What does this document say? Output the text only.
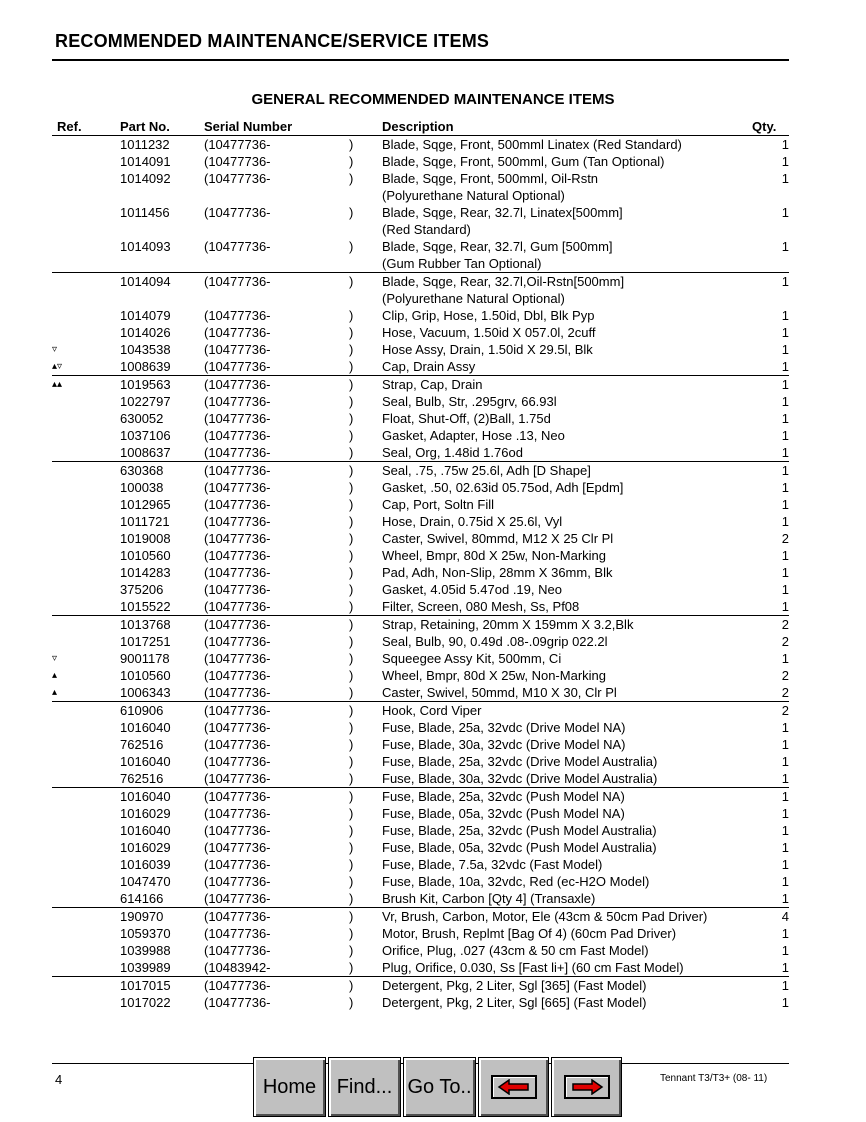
RECOMMENDED MAINTENANCE/SERVICE ITEMS
GENERAL RECOMMENDED MAINTENANCE ITEMS
Ref.	Part No.	Serial Number		Description	Qty.
	1011232	(10477736-	)	Blade, Sqge, Front, 500mml Linatex (Red Standard)	1
	1014091	(10477736-	)	Blade, Sqge, Front, 500mml, Gum (Tan Optional)	1
	1014092	(10477736-	)	Blade, Sqge, Front, 500mml, Oil-Rstn	1
				(Polyurethane Natural Optional)	
	1011456	(10477736-	)	Blade, Sqge, Rear, 32.7l, Linatex[500mm]	1
				(Red Standard)	
	1014093	(10477736-	)	Blade, Sqge, Rear, 32.7l, Gum [500mm]	1
				(Gum Rubber Tan Optional)	
	1014094	(10477736-	)	Blade, Sqge, Rear, 32.7l,Oil-Rstn[500mm]	1
				(Polyurethane Natural Optional)	
	1014079	(10477736-	)	Clip, Grip, Hose, 1.50id, Dbl, Blk Pyp	1
	1014026	(10477736-	)	Hose, Vacuum, 1.50id X 057.0l, 2cuff	1
▿	1043538	(10477736-	)	Hose Assy, Drain, 1.50id X 29.5l, Blk	1
▴▿	1008639	(10477736-	)	Cap, Drain Assy	1
▴▴	1019563	(10477736-	)	Strap, Cap, Drain	1
	1022797	(10477736-	)	Seal, Bulb, Str, .295grv, 66.93l	1
	630052	(10477736-	)	Float, Shut-Off, (2)Ball, 1.75d	1
	1037106	(10477736-	)	Gasket, Adapter, Hose .13, Neo	1
	1008637	(10477736-	)	Seal, Org, 1.48id 1.76od	1
	630368	(10477736-	)	Seal, .75, .75w 25.6l, Adh [D Shape]	1
	100038	(10477736-	)	Gasket, .50, 02.63id 05.75od, Adh [Epdm]	1
	1012965	(10477736-	)	Cap, Port, Soltn Fill	1
	1011721	(10477736-	)	Hose, Drain, 0.75id X 25.6l, Vyl	1
	1019008	(10477736-	)	Caster, Swivel, 80mmd, M12 X 25 Clr Pl	2
	1010560	(10477736-	)	Wheel, Bmpr, 80d X 25w, Non-Marking	1
	1014283	(10477736-	)	Pad, Adh, Non-Slip, 28mm X 36mm, Blk	1
	375206	(10477736-	)	Gasket, 4.05id 5.47od .19, Neo	1
	1015522	(10477736-	)	Filter, Screen, 080 Mesh, Ss, Pf08	1
	1013768	(10477736-	)	Strap, Retaining, 20mm X 159mm X 3.2,Blk	2
	1017251	(10477736-	)	Seal, Bulb, 90, 0.49d .08-.09grip 022.2l	2
▿	9001178	(10477736-	)	Squeegee Assy Kit, 500mm, Ci	1
▴	1010560	(10477736-	)	Wheel, Bmpr, 80d X 25w, Non-Marking	2
▴	1006343	(10477736-	)	Caster, Swivel, 50mmd, M10 X 30, Clr Pl	2
	610906	(10477736-	)	Hook, Cord Viper	2
	1016040	(10477736-	)	Fuse, Blade, 25a, 32vdc (Drive Model NA)	1
	762516	(10477736-	)	Fuse, Blade, 30a, 32vdc (Drive Model NA)	1
	1016040	(10477736-	)	Fuse, Blade, 25a, 32vdc (Drive Model Australia)	1
	762516	(10477736-	)	Fuse, Blade, 30a, 32vdc (Drive Model Australia)	1
	1016040	(10477736-	)	Fuse, Blade, 25a, 32vdc (Push Model NA)	1
	1016029	(10477736-	)	Fuse, Blade, 05a, 32vdc (Push Model NA)	1
	1016040	(10477736-	)	Fuse, Blade, 25a, 32vdc (Push Model Australia)	1
	1016029	(10477736-	)	Fuse, Blade, 05a, 32vdc (Push Model Australia)	1
	1016039	(10477736-	)	Fuse, Blade, 7.5a, 32vdc (Fast Model)	1
	1047470	(10477736-	)	Fuse, Blade, 10a, 32vdc, Red (ec-H2O Model)	1
	614166	(10477736-	)	Brush Kit, Carbon [Qty 4] (Transaxle)	1
	190970	(10477736-	)	Vr, Brush, Carbon, Motor, Ele (43cm & 50cm Pad Driver)	4
	1059370	(10477736-	)	Motor, Brush, Replmt [Bag Of 4) (60cm Pad Driver)	1
	1039988	(10477736-	)	Orifice, Plug, .027 (43cm & 50 cm Fast Model)	1
	1039989	(10483942-	)	Plug, Orifice, 0.030, Ss [Fast li+] (60 cm Fast Model)	1
	1017015	(10477736-	)	Detergent, Pkg, 2 Liter, Sgl [365] (Fast Model)	1
	1017022	(10477736-	)	Detergent, Pkg, 2 Liter, Sgl [665] (Fast Model)	1
4	Tennant T3/T3+ (08- 11)
Home	Find... Go To..
